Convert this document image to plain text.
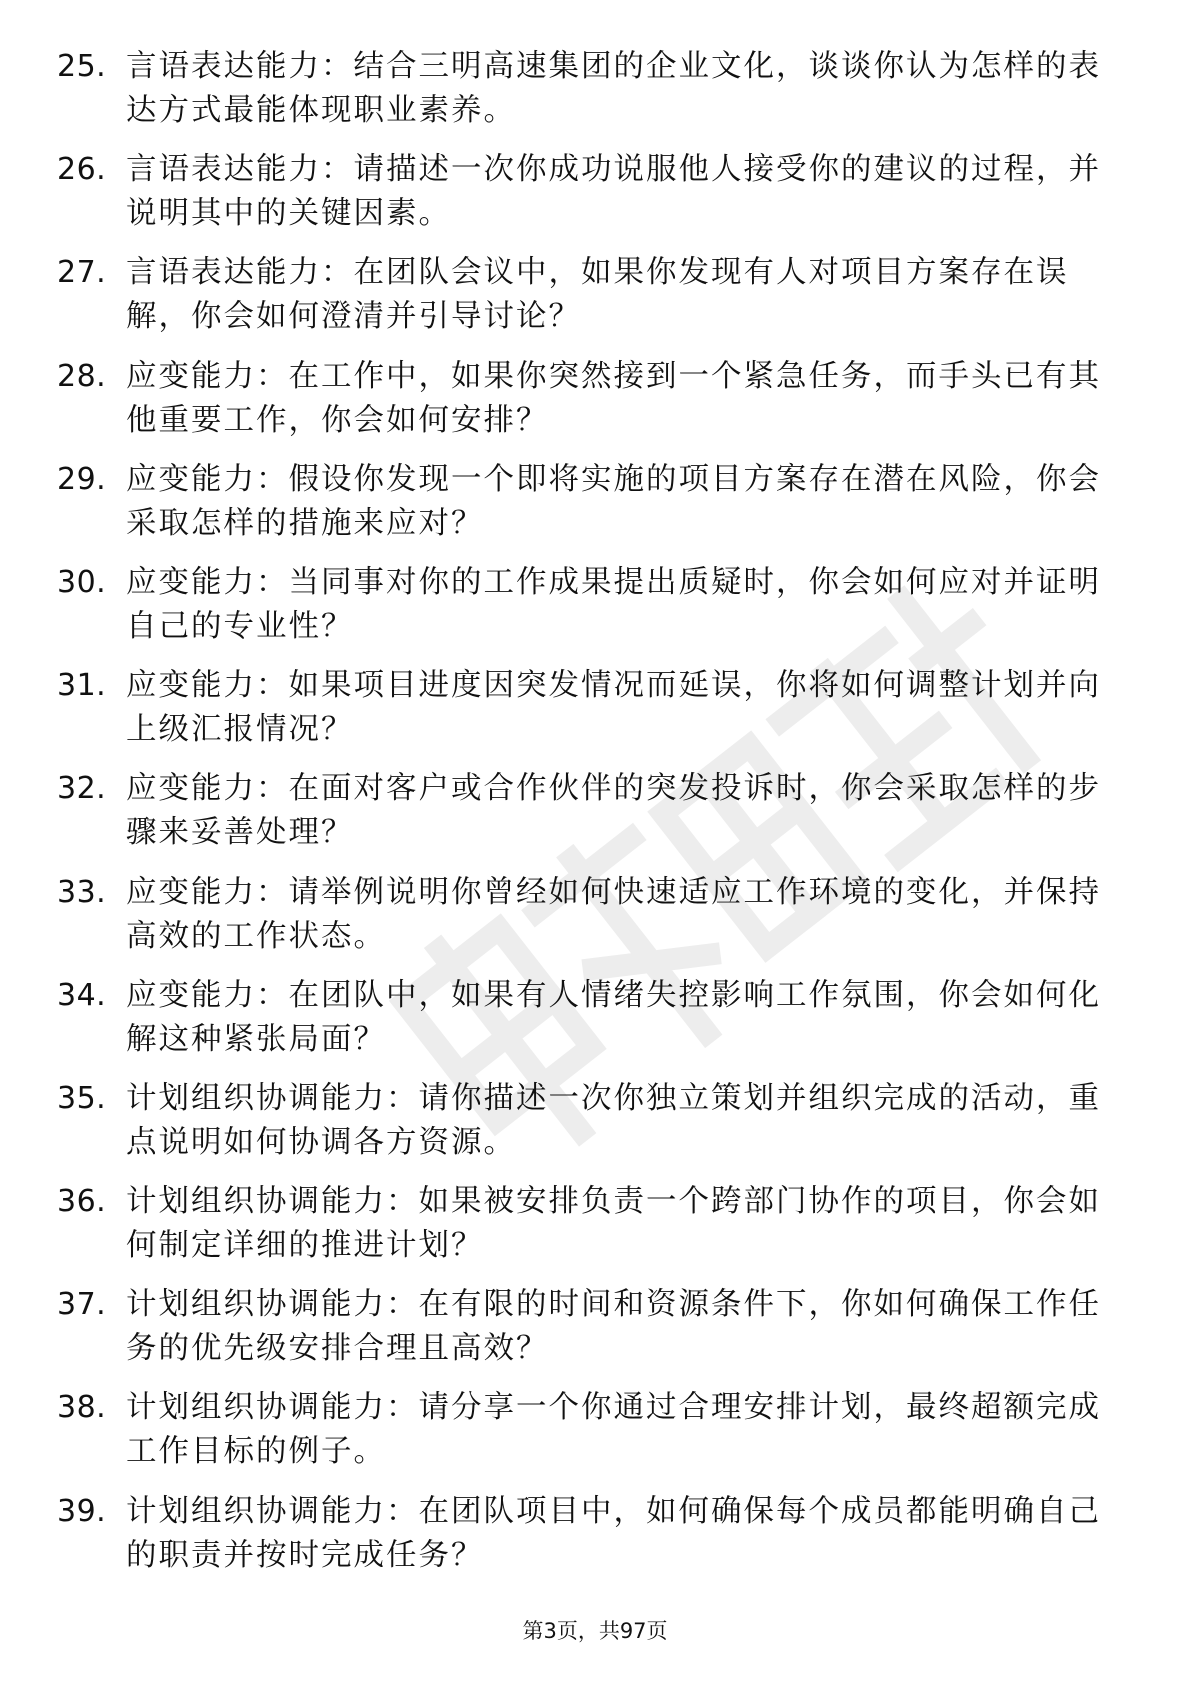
25. 言语表达能力：结合三明高速集团的企业文化，谈谈你认为怎样的表达方式最能体现职业素养。
26. 言语表达能力：请描述一次你成功说服他人接受你的建议的过程，并说明其中的关键因素。
27. 言语表达能力：在团队会议中，如果你发现有人对项目方案存在误解，你会如何澄清并引导讨论？
28. 应变能力：在工作中，如果你突然接到一个紧急任务，而手头已有其他重要工作，你会如何安排？
29. 应变能力：假设你发现一个即将实施的项目方案存在潜在风险，你会采取怎样的措施来应对？
30. 应变能力：当同事对你的工作成果提出质疑时，你会如何应对并证明自己的专业性？
31. 应变能力：如果项目进度因突发情况而延误，你将如何调整计划并向上级汇报情况？
32. 应变能力：在面对客户或合作伙伴的突发投诉时，你会采取怎样的步骤来妥善处理？
33. 应变能力：请举例说明你曾经如何快速适应工作环境的变化，并保持高效的工作状态。
34. 应变能力：在团队中，如果有人情绪失控影响工作氛围，你会如何化解这种紧张局面？
35. 计划组织协调能力：请你描述一次你独立策划并组织完成的活动，重点说明如何协调各方资源。
36. 计划组织协调能力：如果被安排负责一个跨部门协作的项目，你会如何制定详细的推进计划？
37. 计划组织协调能力：在有限的时间和资源条件下，你如何确保工作任务的优先级安排合理且高效？
38. 计划组织协调能力：请分享一个你通过合理安排计划，最终超额完成工作目标的例子。
39. 计划组织协调能力：在团队项目中，如何确保每个成员都能明确自己的职责并按时完成任务？
第3页，共97页
